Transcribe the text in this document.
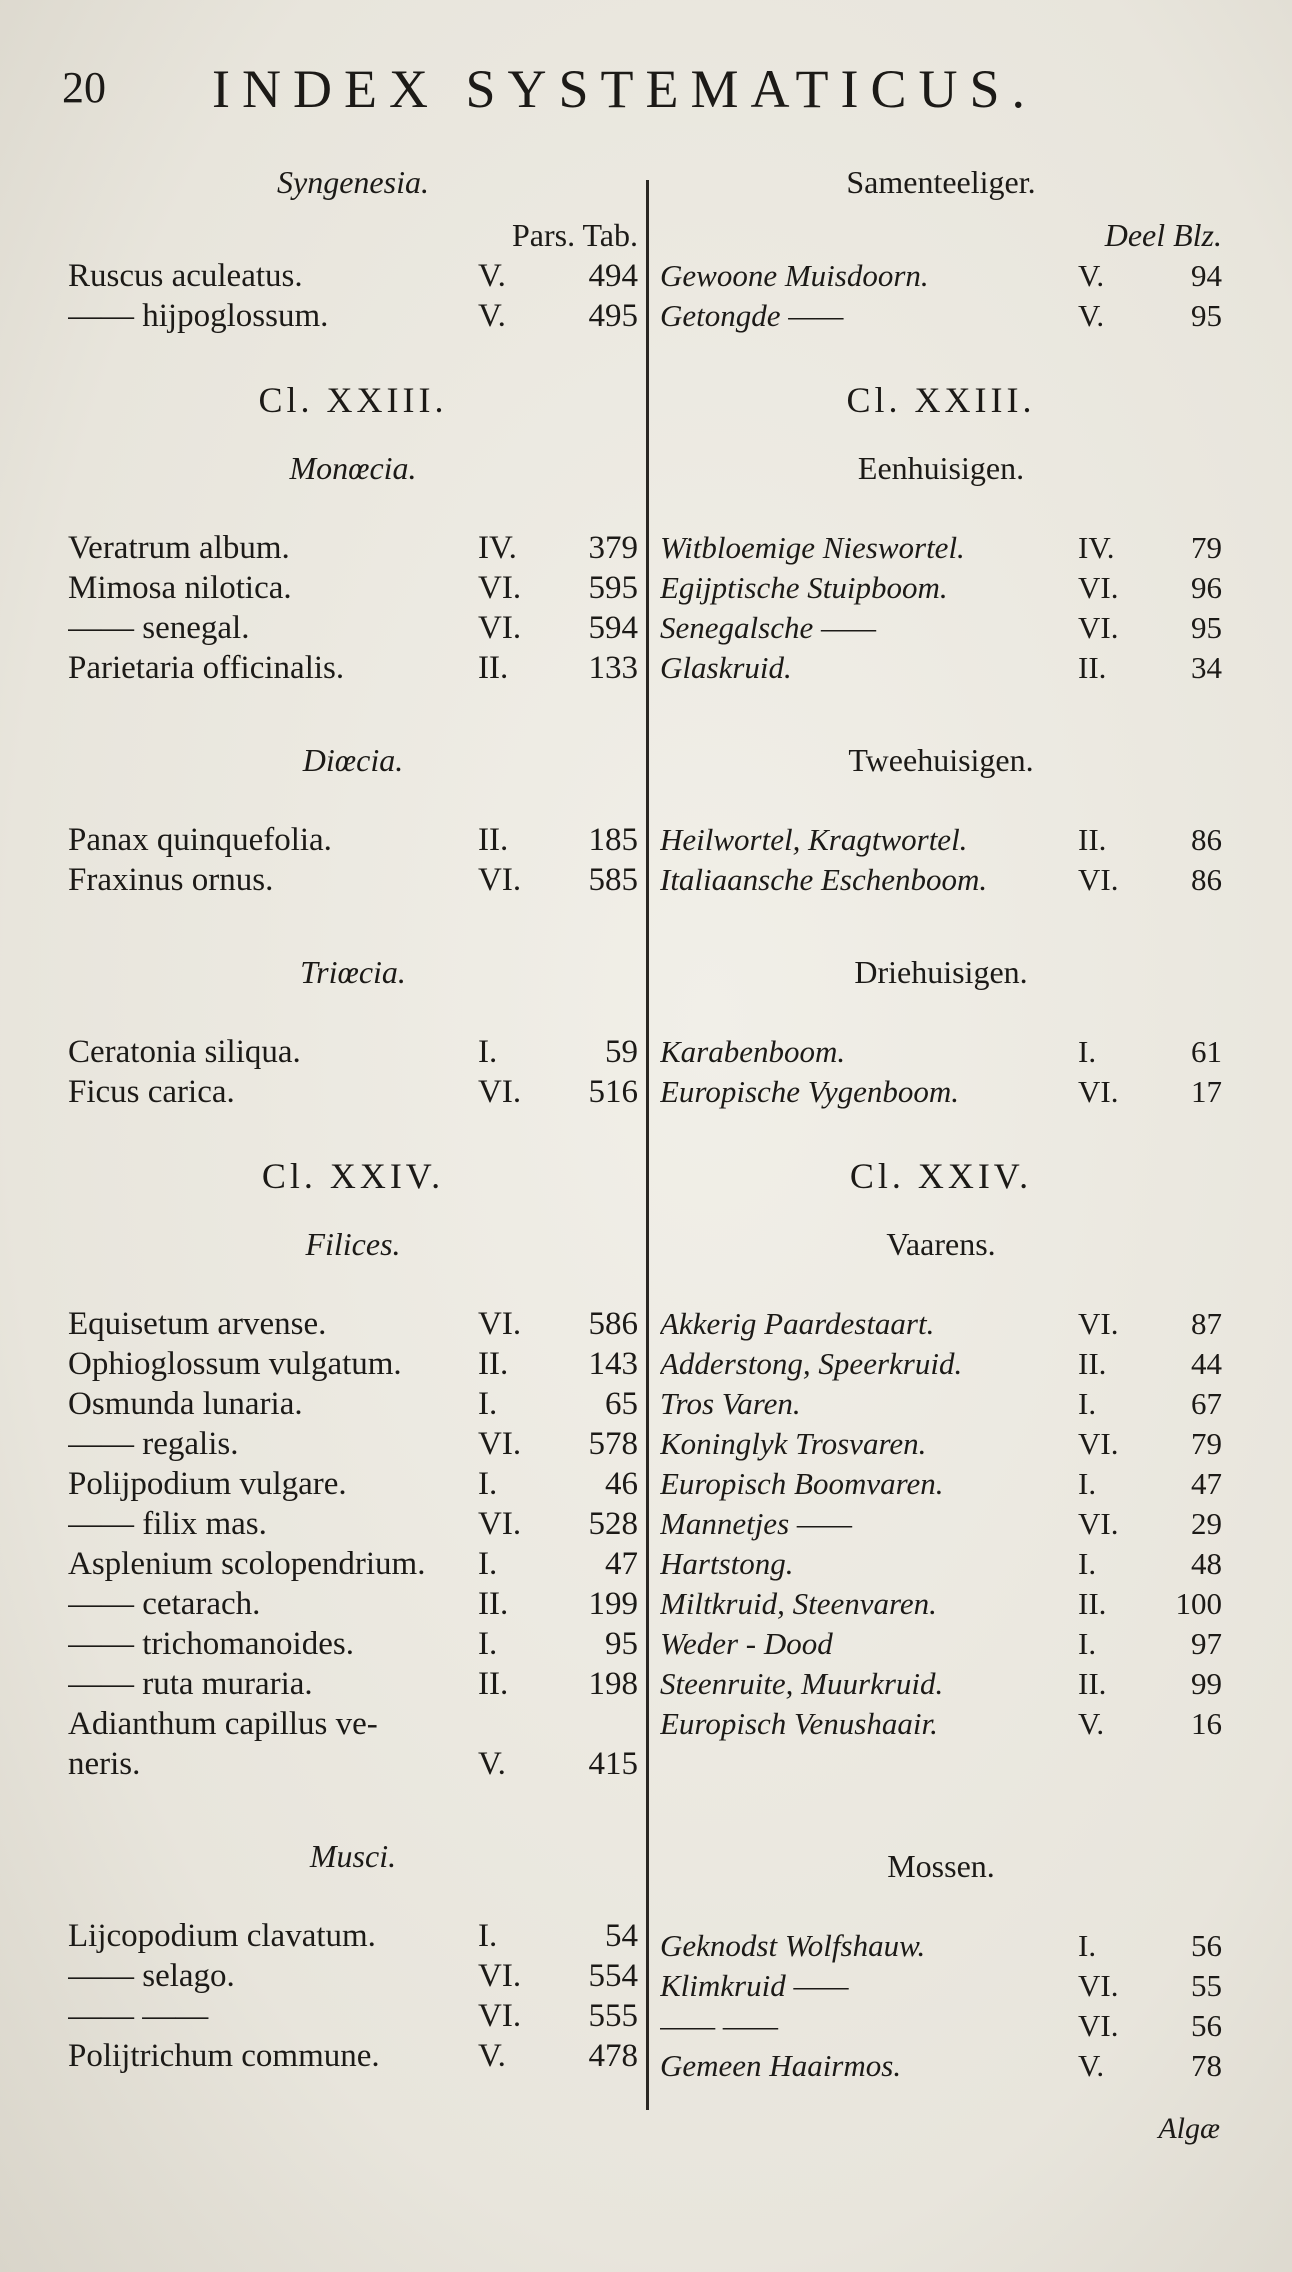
20 INDEX SYSTEMATICUS.
Syngenesia.
Pars. Tab.
Ruscus aculeatus.	V.	494
—— hijpoglossum.	V.	495
Cl. XXIII.
Monœcia.
Veratrum album.	IV.	379
Mimosa nilotica.	VI.	595
—— senegal.	VI.	594
Parietaria officinalis.	II.	133
Diœcia.
Panax quinquefolia.	II.	185
Fraxinus ornus.	VI.	585
Triœcia.
Ceratonia siliqua.	I.	59
Ficus carica.	VI.	516
Cl. XXIV.
Filices.
Equisetum arvense.	VI.	586
Ophioglossum vulgatum.	II.	143
Osmunda lunaria.	I.	65
—— regalis.	VI.	578
Polijpodium vulgare.	I.	46
—— filix mas.	VI.	528
Asplenium scolopendrium.	I.	47
—— cetarach.	II.	199
—— trichomanoides.	I.	95
—— ruta muraria.	II.	198
Adianthum capillus ve-
neris.	V.	415
Musci.
Lijcopodium clavatum.	I.	54
—— selago.	VI.	554
—— ——	VI.	555
Polijtrichum commune.	V.	478
Samenteeliger.
Deel Blz.
Gewoone Muisdoorn.	V.	94
Getongde ——	V.	95
Cl. XXIII.
Eenhuisigen.
Witbloemige Nieswortel.	IV.	79
Egijptische Stuipboom.	VI.	96
Senegalsche ——	VI.	95
Glaskruid.	II.	34
Tweehuisigen.
Heilwortel, Kragtwortel.	II.	86
Italiaansche Eschenboom.	VI.	86
Driehuisigen.
Karabenboom.	I.	61
Europische Vygenboom.	VI.	17
Cl. XXIV.
Vaarens.
Akkerig Paardestaart.	VI.	87
Adderstong, Speerkruid.	II.	44
Tros Varen.	I.	67
Koninglyk Trosvaren.	VI.	79
Europisch Boomvaren.	I.	47
Mannetjes ——	VI.	29
Hartstong.	I.	48
Miltkruid, Steenvaren.	II.	100
Weder - Dood	I.	97
Steenruite, Muurkruid.	II.	99
Europisch Venushaair.	V.	16
Mossen.
Geknodst Wolfshauw.	I.	56
Klimkruid ——	VI.	55
—— ——	VI.	56
Gemeen Haairmos.	V.	78
Algæ
